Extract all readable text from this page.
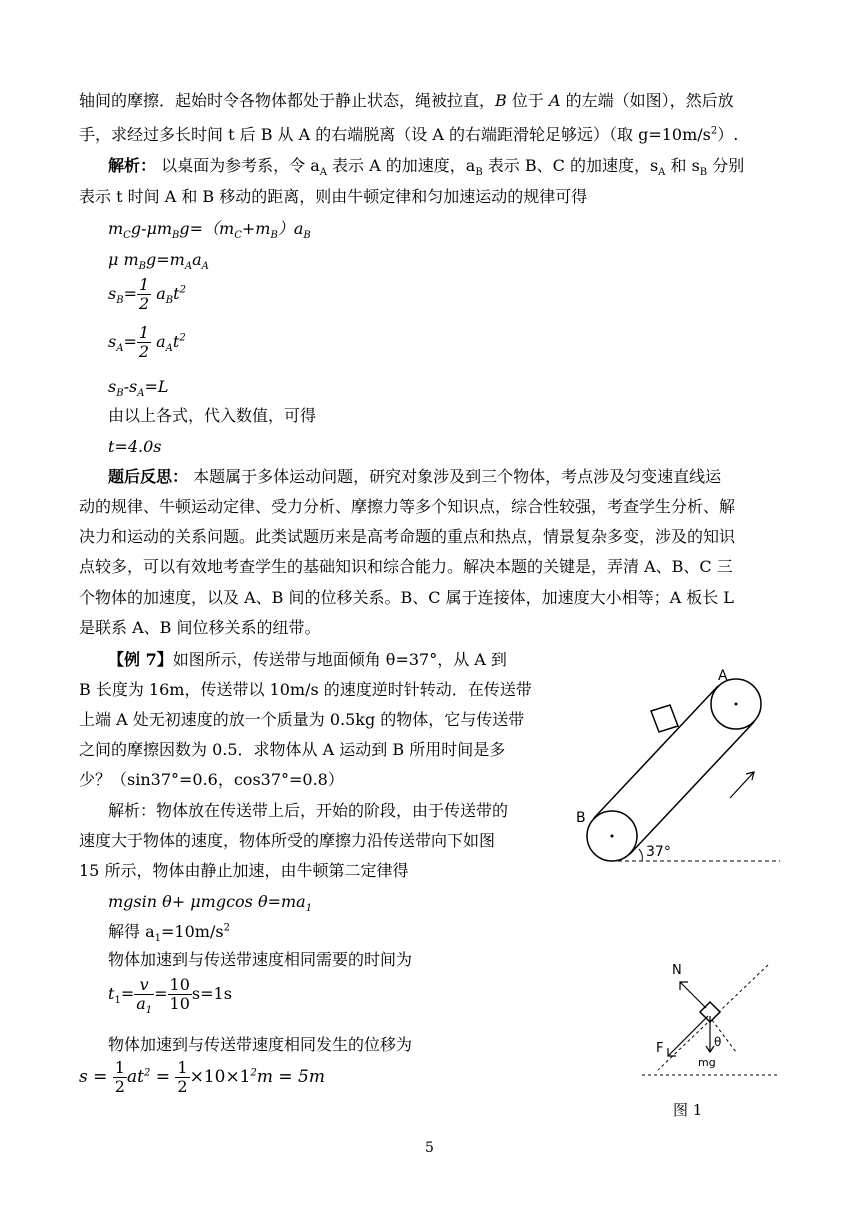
轴间的摩擦．起始时令各物体都处于静止状态，绳被拉直，B 位于 A 的左端（如图），然后放
手，求经过多长时间 t 后 B 从 A 的右端脱离（设 A 的右端距滑轮足够远）（取 $g=10m/s^2$）.
解析： 以桌面为参考系，令 $a_A$ 表示 A 的加速度，$a_B$ 表示 B、C 的加速度，$s_A$ 和 $s_B$ 分别
表示 t 时间 A 和 B 移动的距离，则由牛顿定律和匀加速运动的规律可得
$m_Cg-\mu m_Bg=(m_C+m_B)a_B$
μ $m_Bg=m_Aa_A$
$s_B= \frac{1}{2} a_Bt^2$
$s_A= \frac{1}{2} a_At^2$
$s_B-s_A=L$
由以上各式，代入数值，可得
t=4.0s
题后反思： 本题属于多体运动问题，研究对象涉及到三个物体，考点涉及匀变速直线运
动的规律、牛顿运动定律、受力分析、摩擦力等多个知识点，综合性较强，考查学生分析、解
决力和运动的关系问题。此类试题历来是高考命题的重点和热点，情景复杂多变，涉及的知识
点较多，可以有效地考查学生的基础知识和综合能力。解决本题的关键是，弄清 A、B、C 三
个物体的加速度，以及 A、B 间的位移关系。B、C 属于连接体，加速度大小相等；A 板长 L
是联系 A、B 间位移关系的纽带。
【例 7】如图所示，传送带与地面倾角 θ=37°，从 A 到
B 长度为 16m，传送带以 10m/s 的速度逆时针转动．在传送带
上端 A 处无初速度的放一个质量为 0.5kg 的物体，它与传送带
之间的摩擦因数为 0.5．求物体从 A 运动到 B 所用时间是多
少？（sin37°=0.6，cos37°=0.8）
解析：物体放在传送带上后，开始的阶段，由于传送带的
速度大于物体的速度，物体所受的摩擦力沿传送带向下如图
15 所示，物体由静止加速，由牛顿第二定律得
mgsin θ+ μmgcos $\theta=ma_1$
解得 $a_1=10m/s^2$
物体加速到与传送带速度相同需要的时间为
$t_1= \frac{v}{a_1} = \frac{10}{10} s=1s$
物体加速到与传送带速度相同发生的位移为
$s = \frac{1}{2} at^2 = \frac{1}{2} \times 10\times 1^2m = 5m$
A
B
37°
N
F	θ
mg
图 1
5
